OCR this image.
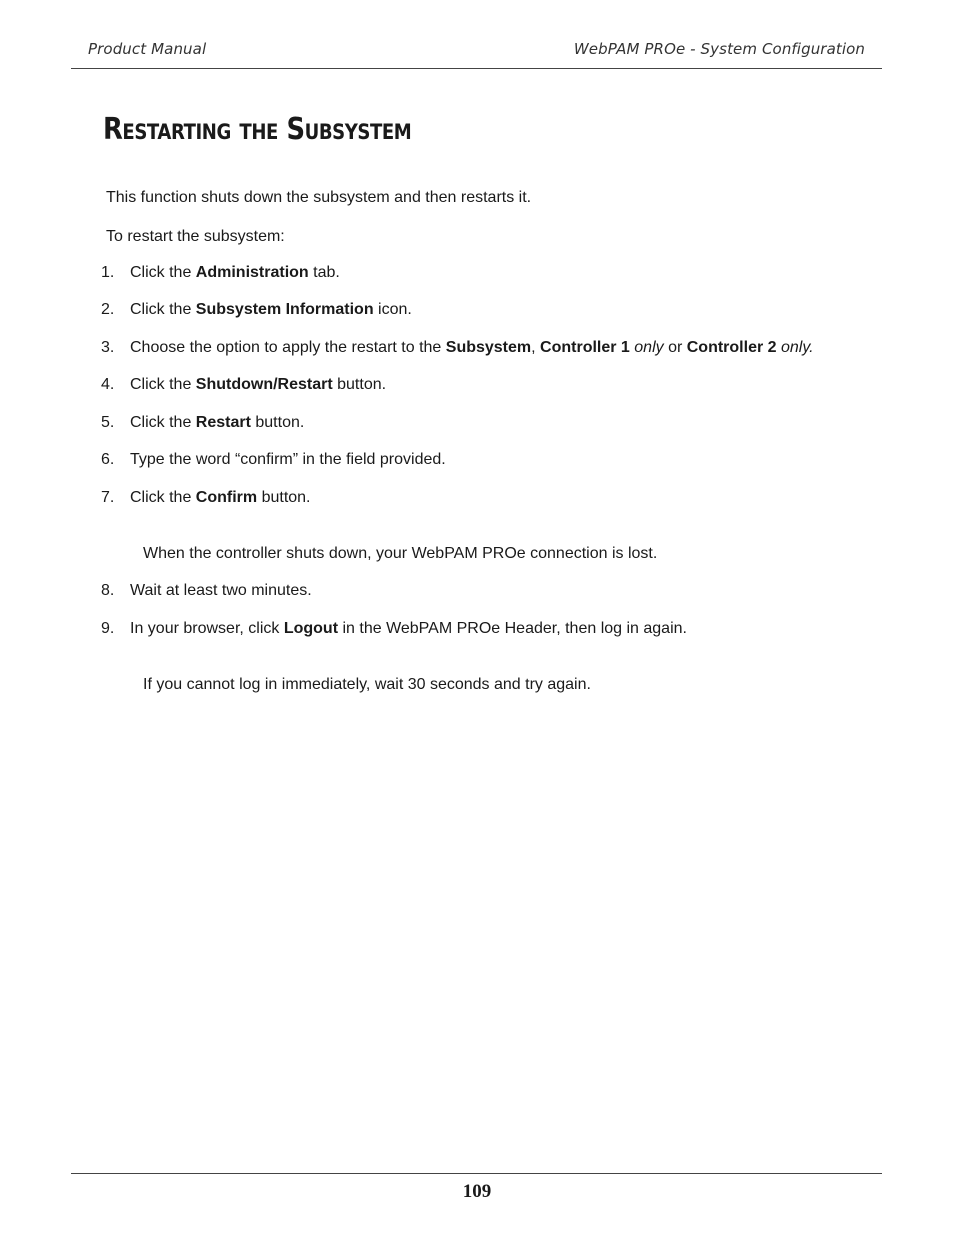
Product Manual	WebPAM PROe - System Configuration
Restarting the Subsystem
This function shuts down the subsystem and then restarts it.
To restart the subsystem:
1. Click the Administration tab.
2. Click the Subsystem Information icon.
3. Choose the option to apply the restart to the Subsystem, Controller 1 only or Controller 2 only.
4. Click the Shutdown/Restart button.
5. Click the Restart button.
6. Type the word “confirm” in the field provided.
7. Click the Confirm button.
When the controller shuts down, your WebPAM PROe connection is lost.
8. Wait at least two minutes.
9. In your browser, click Logout in the WebPAM PROe Header, then log in again.
If you cannot log in immediately, wait 30 seconds and try again.
109
